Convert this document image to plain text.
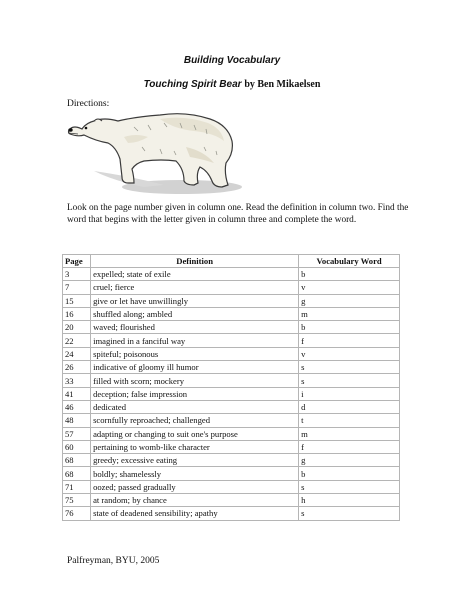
Building Vocabulary
Touching Spirit Bear by Ben Mikaelsen
Directions:
Look on the page number given in column one. Read the definition in column two. Find the word that begins with the letter given in column three and complete the word.
Page	Definition	Vocabulary Word
3	expelled; state of exile	b
7	cruel; fierce	v
15	give or let have unwillingly	g
16	shuffled along; ambled	m
20	waved; flourished	b
22	imagined in a fanciful way	f
24	spiteful; poisonous	v
26	indicative of gloomy ill humor	s
33	filled with scorn; mockery	s
41	deception; false impression	i
46	dedicated	d
48	scornfully reproached; challenged	t
57	adapting or changing to suit one's purpose	m
60	pertaining to womb-like character	f
68	greedy; excessive eating	g
68	boldly; shamelessly	b
71	oozed; passed gradually	s
75	at random; by chance	h
76	state of deadened sensibility; apathy	s
Palfreyman, BYU, 2005
